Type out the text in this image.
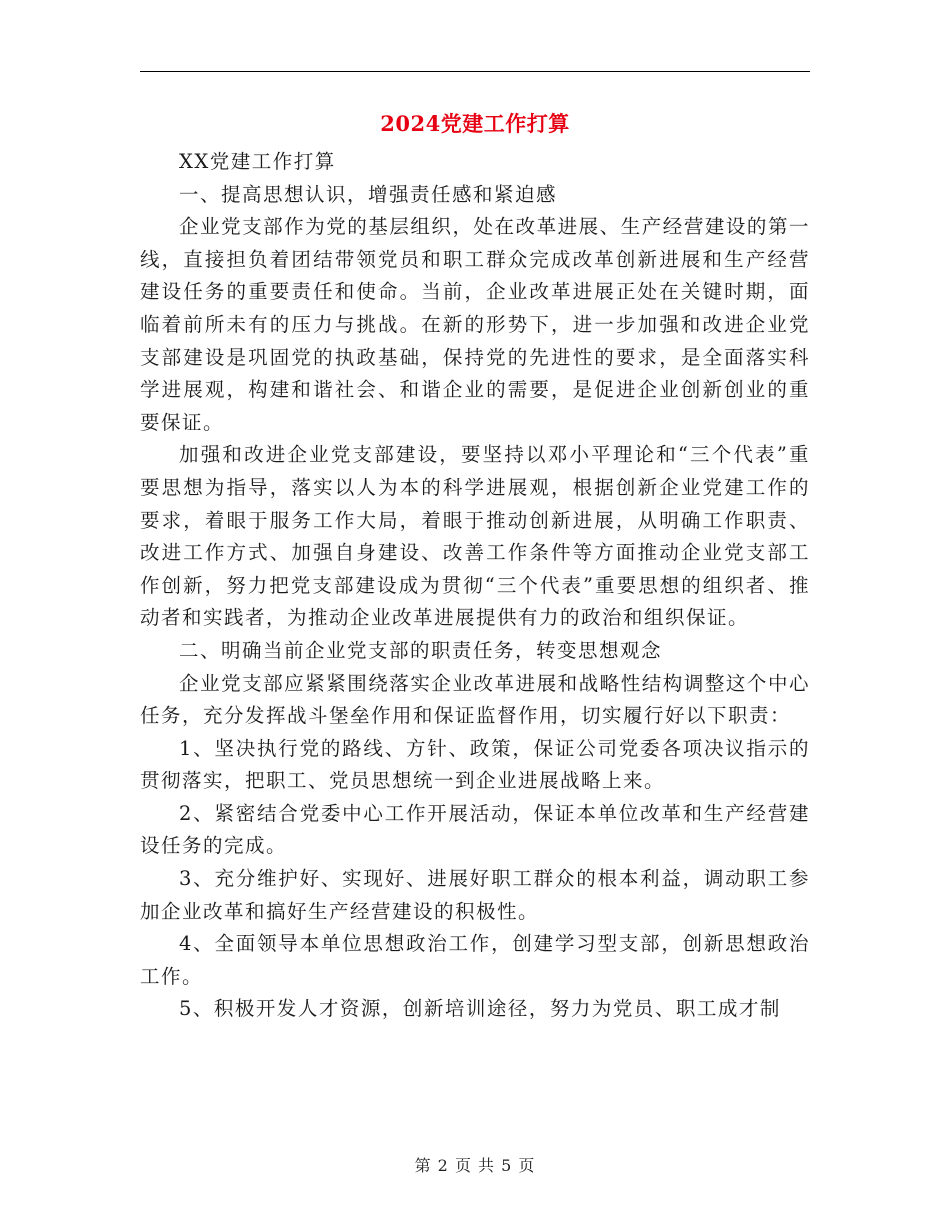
2024党建工作打算

XX党建工作打算

一、提高思想认识，增强责任感和紧迫感

企业党支部作为党的基层组织，处在改革进展、生产经营建设的第一线，直接担负着团结带领党员和职工群众完成改革创新进展和生产经营建设任务的重要责任和使命。当前，企业改革进展正处在关键时期，面临着前所未有的压力与挑战。在新的形势下，进一步加强和改进企业党支部建设是巩固党的执政基础，保持党的先进性的要求，是全面落实科学进展观，构建和谐社会、和谐企业的需要，是促进企业创新创业的重要保证。

加强和改进企业党支部建设，要坚持以邓小平理论和“三个代表”重要思想为指导，落实以人为本的科学进展观，根据创新企业党建工作的要求，着眼于服务工作大局，着眼于推动创新进展，从明确工作职责、改进工作方式、加强自身建设、改善工作条件等方面推动企业党支部工作创新，努力把党支部建设成为贯彻“三个代表”重要思想的组织者、推动者和实践者，为推动企业改革进展提供有力的政治和组织保证。

二、明确当前企业党支部的职责任务，转变思想观念

企业党支部应紧紧围绕落实企业改革进展和战略性结构调整这个中心任务，充分发挥战斗堡垒作用和保证监督作用，切实履行好以下职责：

1、坚决执行党的路线、方针、政策，保证公司党委各项决议指示的贯彻落实，把职工、党员思想统一到企业进展战略上来。

2、紧密结合党委中心工作开展活动，保证本单位改革和生产经营建设任务的完成。

3、充分维护好、实现好、进展好职工群众的根本利益，调动职工参加企业改革和搞好生产经营建设的积极性。

4、全面领导本单位思想政治工作，创建学习型支部，创新思想政治工作。

5、积极开发人才资源，创新培训途径，努力为党员、职工成才制

第 2 页 共 5 页
